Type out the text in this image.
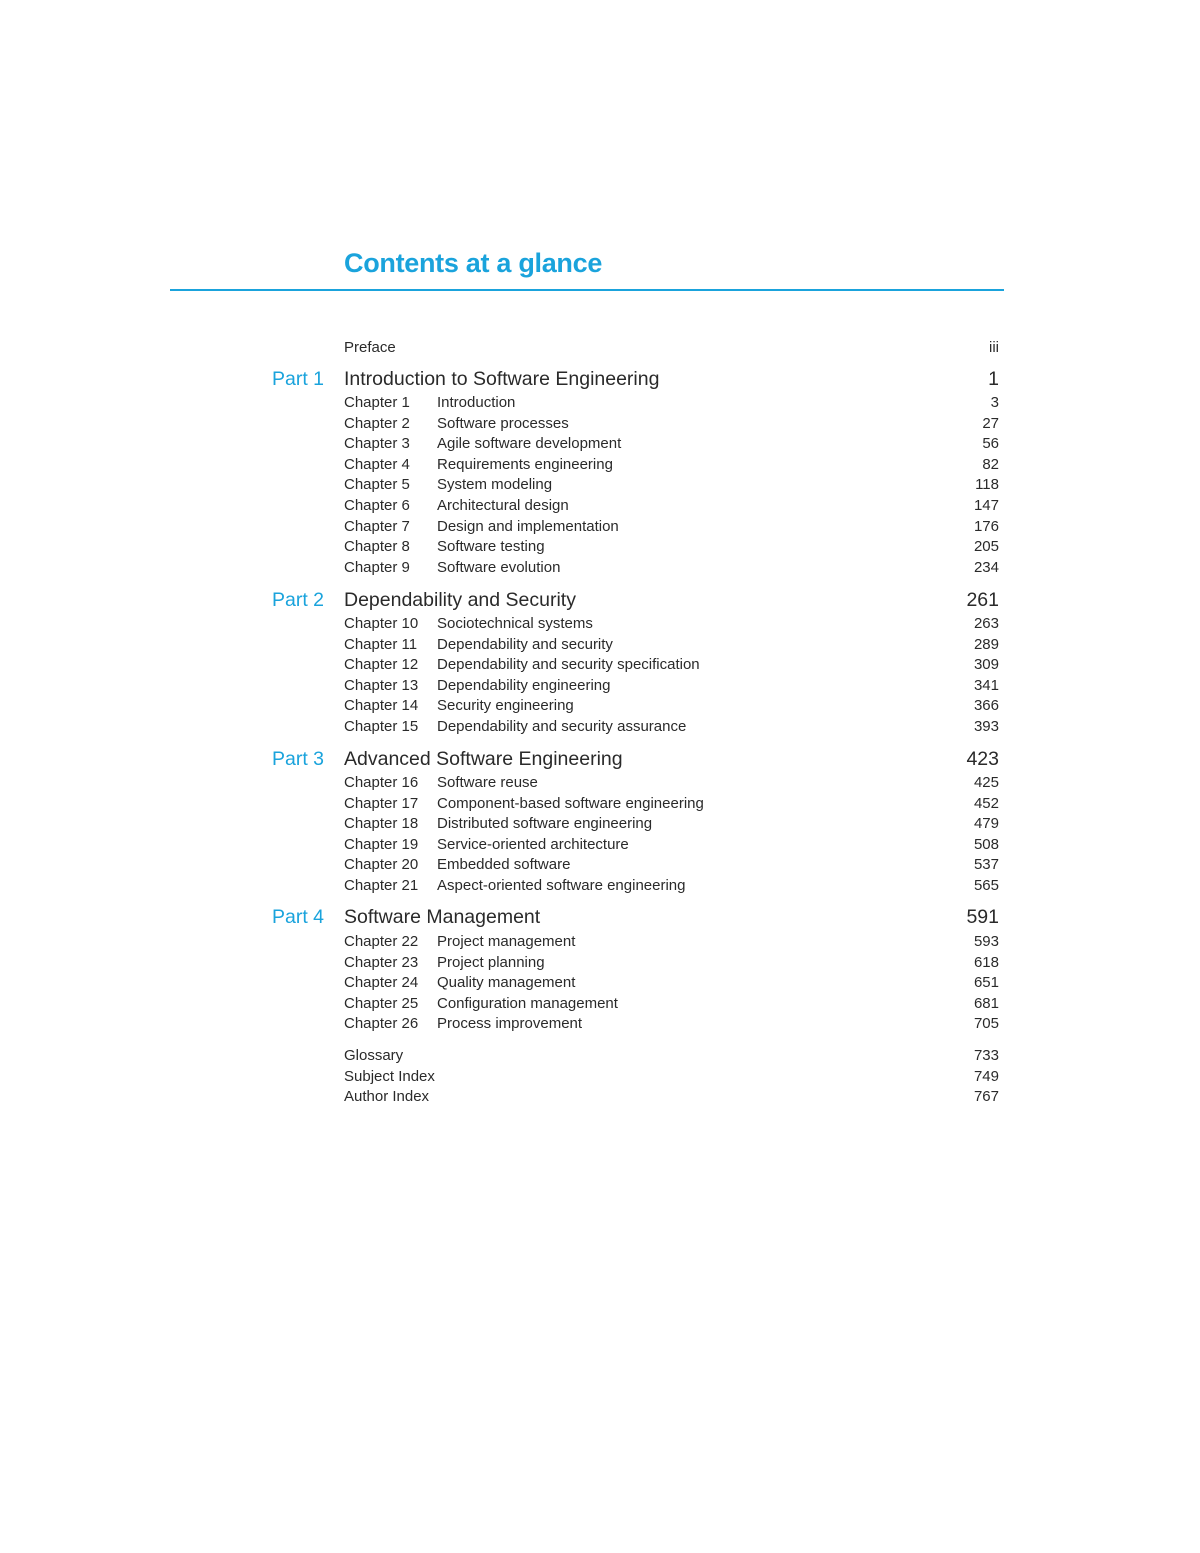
Contents at a glance
Preface	iii
Part 1 Introduction to Software Engineering	1
Chapter 1 Introduction	3
Chapter 2 Software processes	27
Chapter 3 Agile software development	56
Chapter 4 Requirements engineering	82
Chapter 5 System modeling	118
Chapter 6 Architectural design	147
Chapter 7 Design and implementation	176
Chapter 8 Software testing	205
Chapter 9 Software evolution	234
Part 2 Dependability and Security	261
Chapter 10 Sociotechnical systems	263
Chapter 11 Dependability and security	289
Chapter 12 Dependability and security specification	309
Chapter 13 Dependability engineering	341
Chapter 14 Security engineering	366
Chapter 15 Dependability and security assurance	393
Part 3 Advanced Software Engineering	423
Chapter 16 Software reuse	425
Chapter 17 Component-based software engineering	452
Chapter 18 Distributed software engineering	479
Chapter 19 Service-oriented architecture	508
Chapter 20 Embedded software	537
Chapter 21 Aspect-oriented software engineering	565
Part 4 Software Management	591
Chapter 22 Project management	593
Chapter 23 Project planning	618
Chapter 24 Quality management	651
Chapter 25 Configuration management	681
Chapter 26 Process improvement	705
Glossary	733
Subject Index	749
Author Index	767
